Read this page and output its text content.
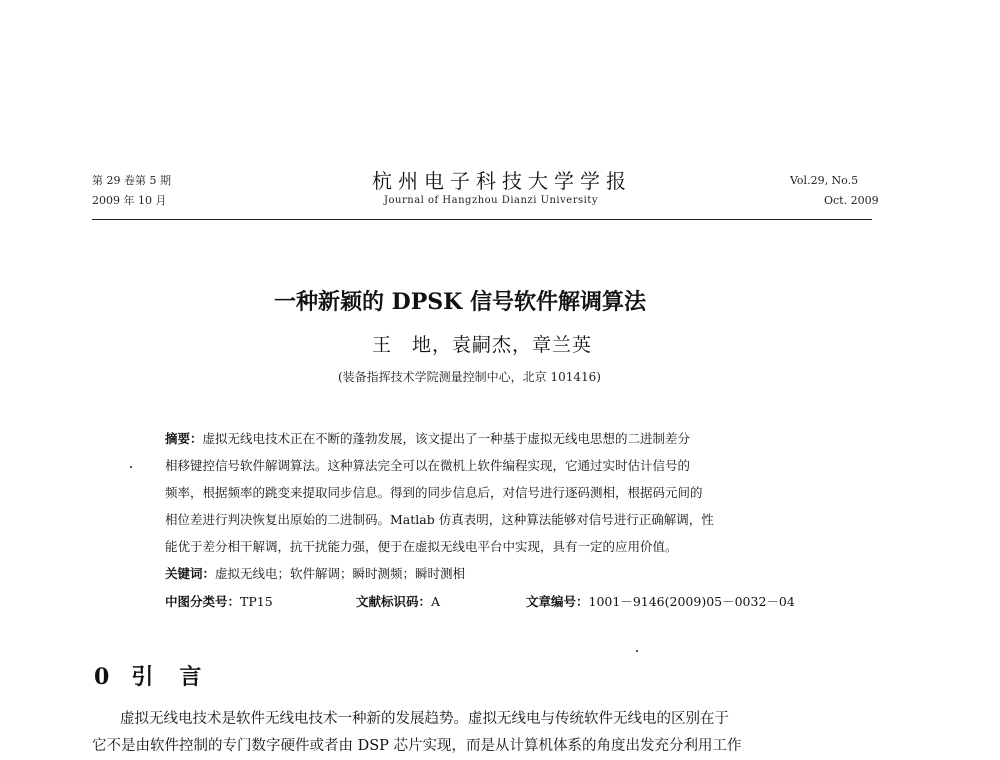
第 29 卷第 5 期
2009 年 10 月
杭州电子科技大学学报
Journal of Hangzhou Dianzi University
Vol.29, No.5
Oct. 2009
一种新颖的 DPSK 信号软件解调算法
王　地，袁嗣杰，章兰英
(装备指挥技术学院测量控制中心，北京 101416)
摘要：虚拟无线电技术正在不断的蓬勃发展，该文提出了一种基于虚拟无线电思想的二进制差分
相移键控信号软件解调算法。这种算法完全可以在微机上软件编程实现，它通过实时估计信号的
频率，根据频率的跳变来提取同步信息。得到的同步信息后，对信号进行逐码测相，根据码元间的
相位差进行判决恢复出原始的二进制码。Matlab 仿真表明，这种算法能够对信号进行正确解调，性
能优于差分相干解调，抗干扰能力强，便于在虚拟无线电平台中实现，具有一定的应用价值。
关键词：虚拟无线电；软件解调；瞬时测频；瞬时测相
中图分类号：TP15	文献标识码：A	文章编号：1001－9146(2009)05－0032－04
0 引　言
虚拟无线电技术是软件无线电技术一种新的发展趋势。虚拟无线电与传统软件无线电的区别在于
它不是由软件控制的专门数字硬件或者由 DSP 芯片实现，而是从计算机体系的角度出发充分利用工作
